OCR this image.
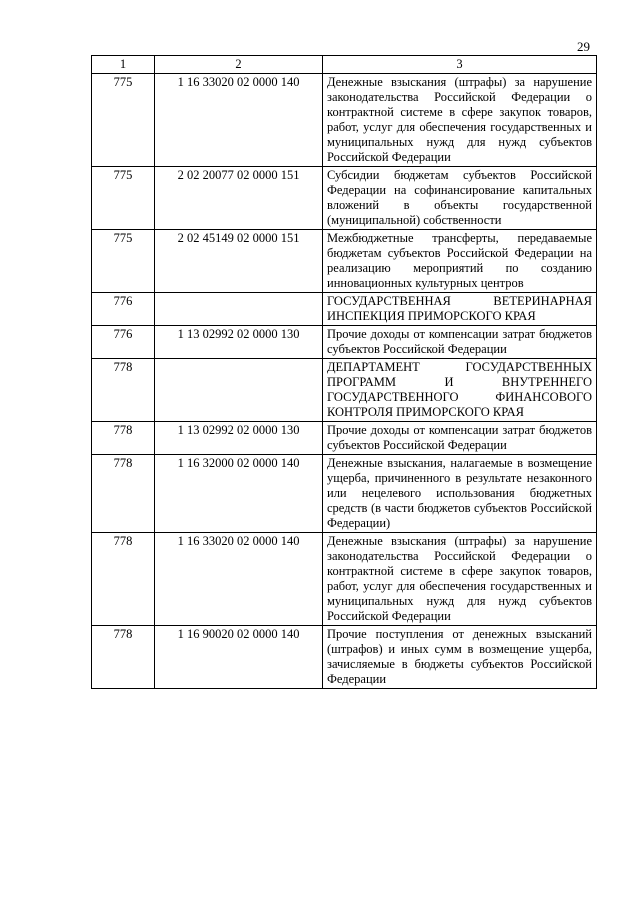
29
1	2	3
775	1 16 33020 02 0000 140	Денежные взыскания (штрафы) за нарушение законодательства Российской Федерации о контрактной системе в сфере закупок товаров, работ, услуг для обеспечения государственных и муниципальных нужд для нужд субъектов Российской Федерации
775	2 02 20077 02 0000 151	Субсидии бюджетам субъектов Российской Федерации на софинансирование капитальных вложений в объекты государственной (муниципальной) собственности
775	2 02 45149 02 0000 151	Межбюджетные трансферты, передаваемые бюджетам субъектов Российской Федерации на реализацию мероприятий по созданию инновационных культурных центров
776		ГОСУДАРСТВЕННАЯ ВЕТЕРИНАРНАЯ ИНСПЕКЦИЯ ПРИМОРСКОГО КРАЯ
776	1 13 02992 02 0000 130	Прочие доходы от компенсации затрат бюджетов субъектов Российской Федерации
778		ДЕПАРТАМЕНТ ГОСУДАРСТВЕННЫХ ПРОГРАММ И ВНУТРЕННЕГО ГОСУДАРСТВЕННОГО ФИНАНСОВОГО КОНТРОЛЯ ПРИМОРСКОГО КРАЯ
778	1 13 02992 02 0000 130	Прочие доходы от компенсации затрат бюджетов субъектов Российской Федерации
778	1 16 32000 02 0000 140	Денежные взыскания, налагаемые в возмещение ущерба, причиненного в результате незаконного или нецелевого использования бюджетных средств (в части бюджетов субъектов Российской Федерации)
778	1 16 33020 02 0000 140	Денежные взыскания (штрафы) за нарушение законодательства Российской Федерации о контрактной системе в сфере закупок товаров, работ, услуг для обеспечения государственных и муниципальных нужд для нужд субъектов Российской Федерации
778	1 16 90020 02 0000 140	Прочие поступления от денежных взысканий (штрафов) и иных сумм в возмещение ущерба, зачисляемые в бюджеты субъектов Российской Федерации
